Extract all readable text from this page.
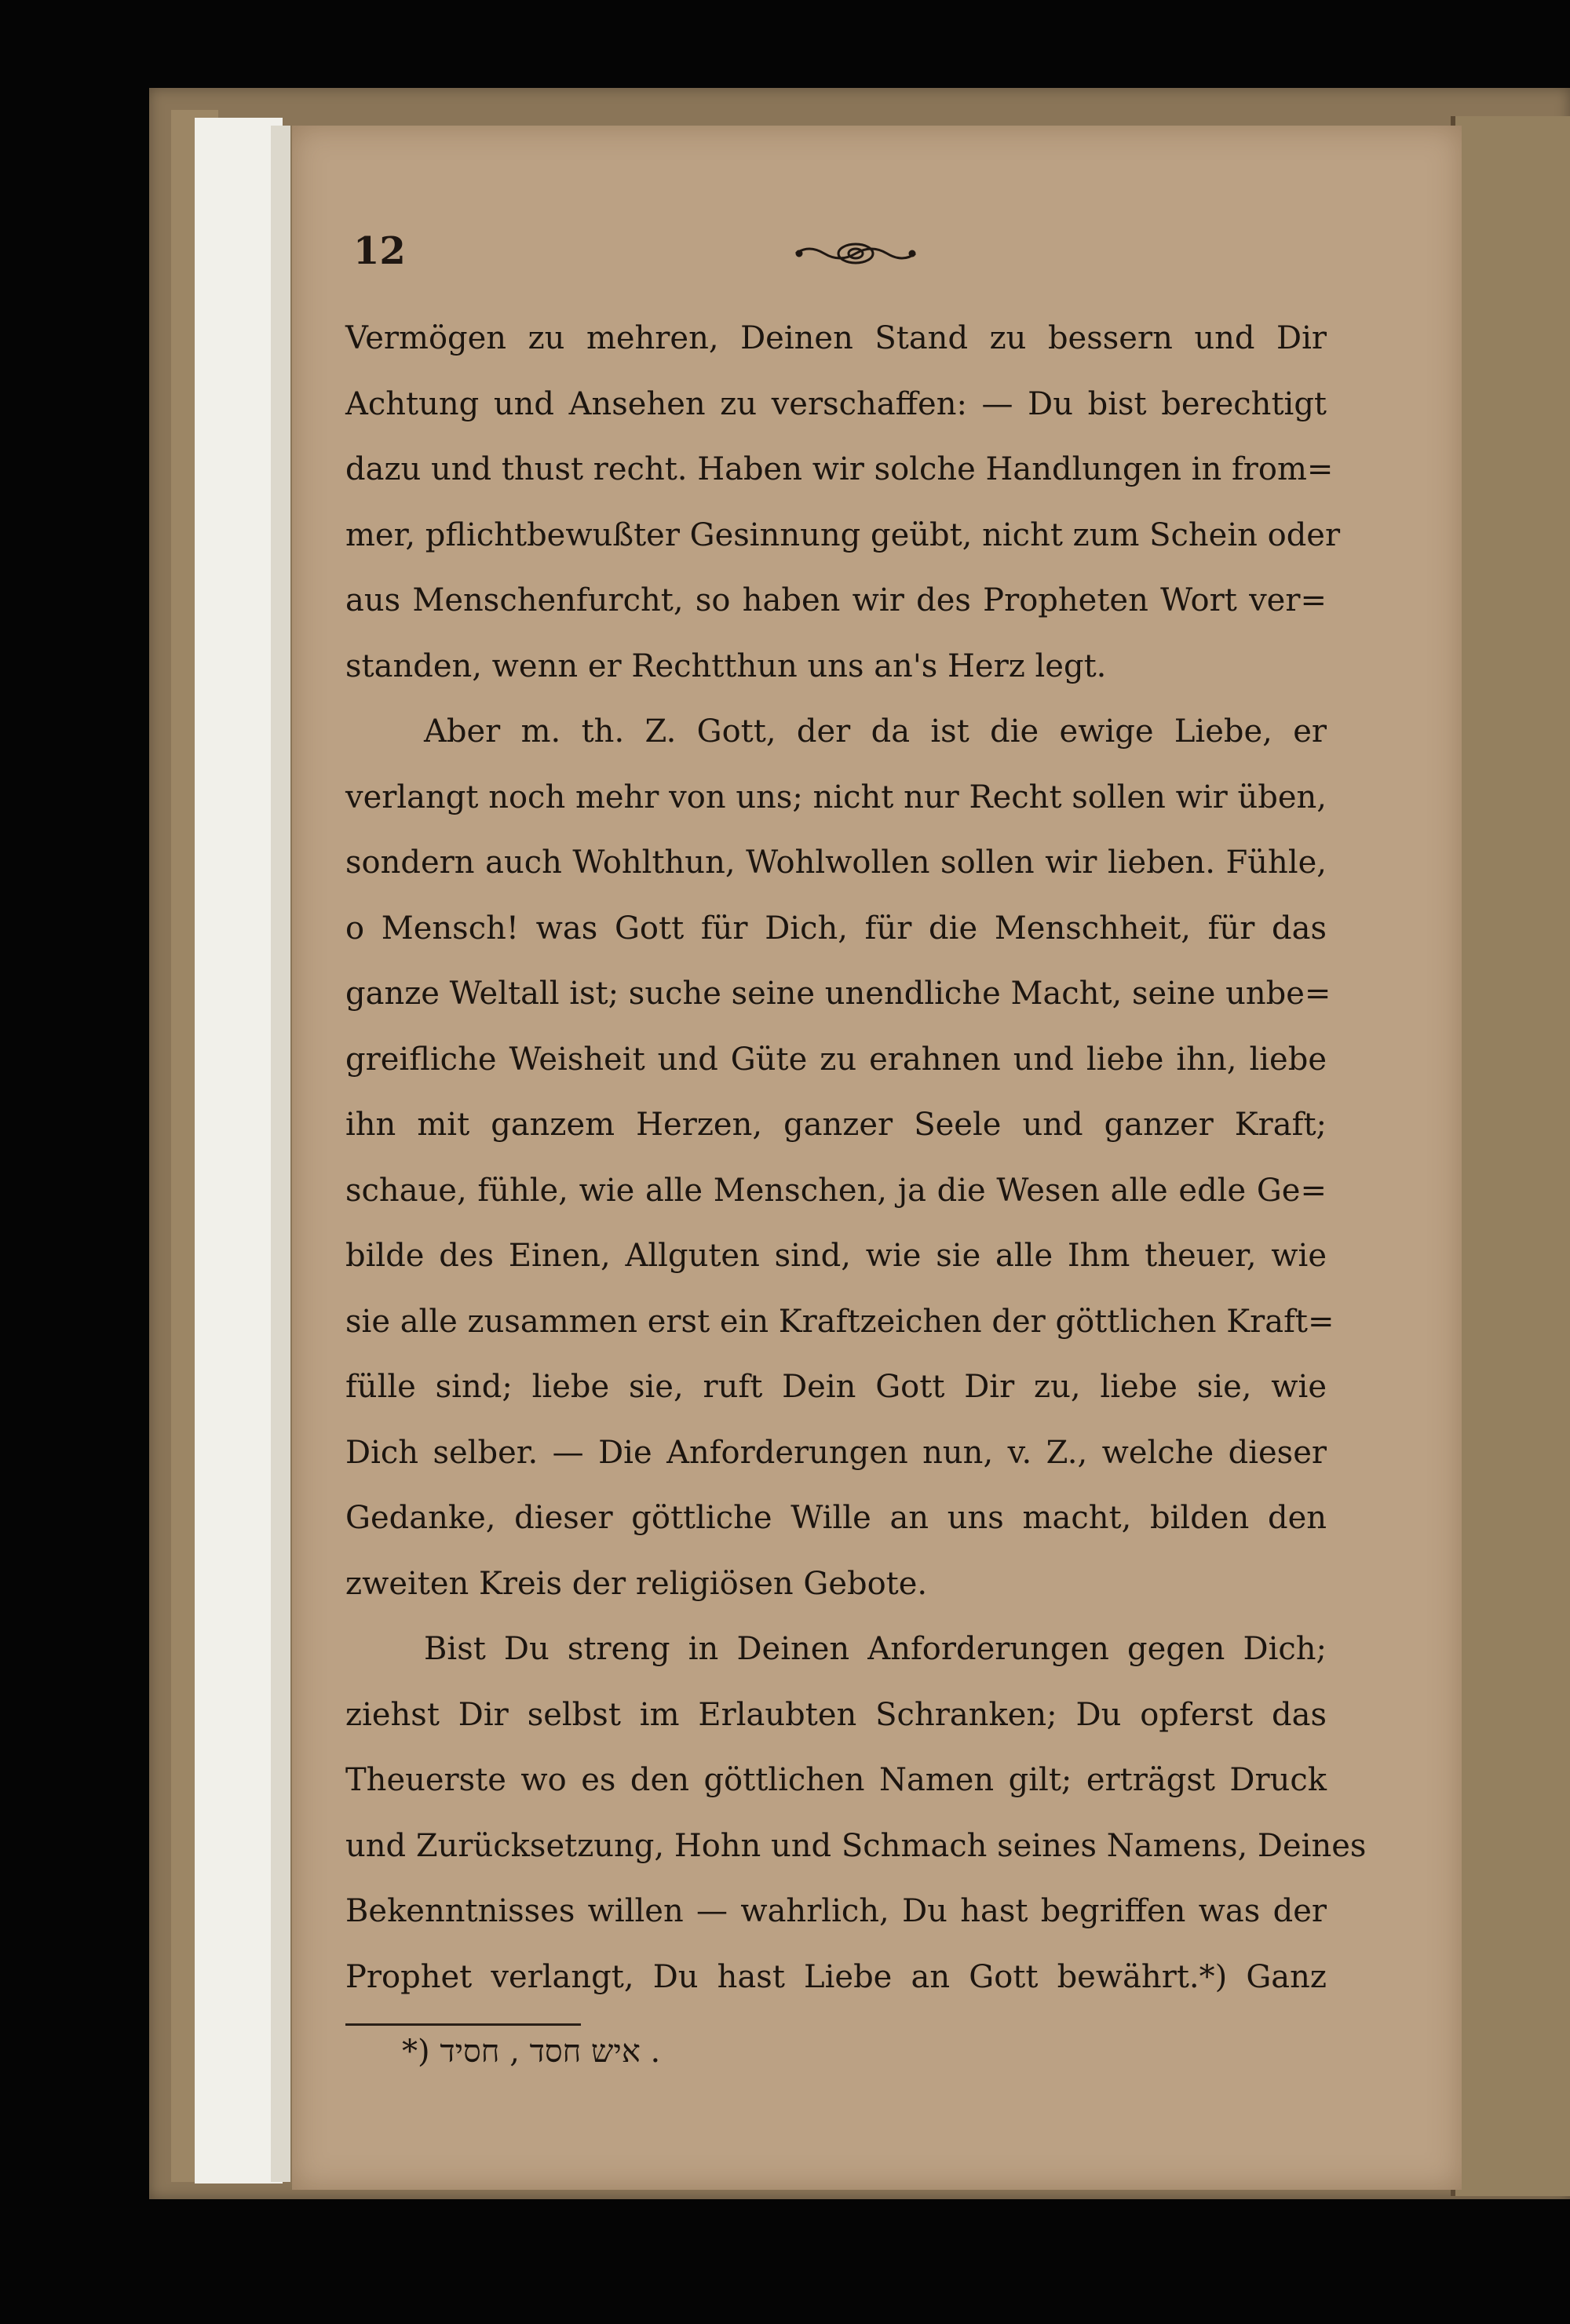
12
Vermögen zu mehren, Deinen Stand zu bessern und Dir
Achtung und Ansehen zu verschaffen: — Du bist berechtigt
dazu und thust recht. Haben wir solche Handlungen in from=
mer, pflichtbewußter Gesinnung geübt, nicht zum Schein oder
aus Menschenfurcht, so haben wir des Propheten Wort ver=
standen, wenn er Rechtthun uns an's Herz legt.
Aber m. th. Z. Gott, der da ist die ewige Liebe, er
verlangt noch mehr von uns; nicht nur Recht sollen wir üben,
sondern auch Wohlthun, Wohlwollen sollen wir lieben. Fühle,
o Mensch! was Gott für Dich, für die Menschheit, für das
ganze Weltall ist; suche seine unendliche Macht, seine unbe=
greifliche Weisheit und Güte zu erahnen und liebe ihn, liebe
ihn mit ganzem Herzen, ganzer Seele und ganzer Kraft;
schaue, fühle, wie alle Menschen, ja die Wesen alle edle Ge=
bilde des Einen, Allguten sind, wie sie alle Ihm theuer, wie
sie alle zusammen erst ein Kraftzeichen der göttlichen Kraft=
fülle sind; liebe sie, ruft Dein Gott Dir zu, liebe sie, wie
Dich selber. — Die Anforderungen nun, v. Z., welche dieser
Gedanke, dieser göttliche Wille an uns macht, bilden den
zweiten Kreis der religiösen Gebote.
Bist Du streng in Deinen Anforderungen gegen Dich;
ziehst Dir selbst im Erlaubten Schranken; Du opferst das
Theuerste wo es den göttlichen Namen gilt; erträgst Druck
und Zurücksetzung, Hohn und Schmach seines Namens, Deines
Bekenntnisses willen — wahrlich, Du hast begriffen was der
Prophet verlangt, Du hast Liebe an Gott bewährt.*) Ganz
*) איש חסד , חסיד .
